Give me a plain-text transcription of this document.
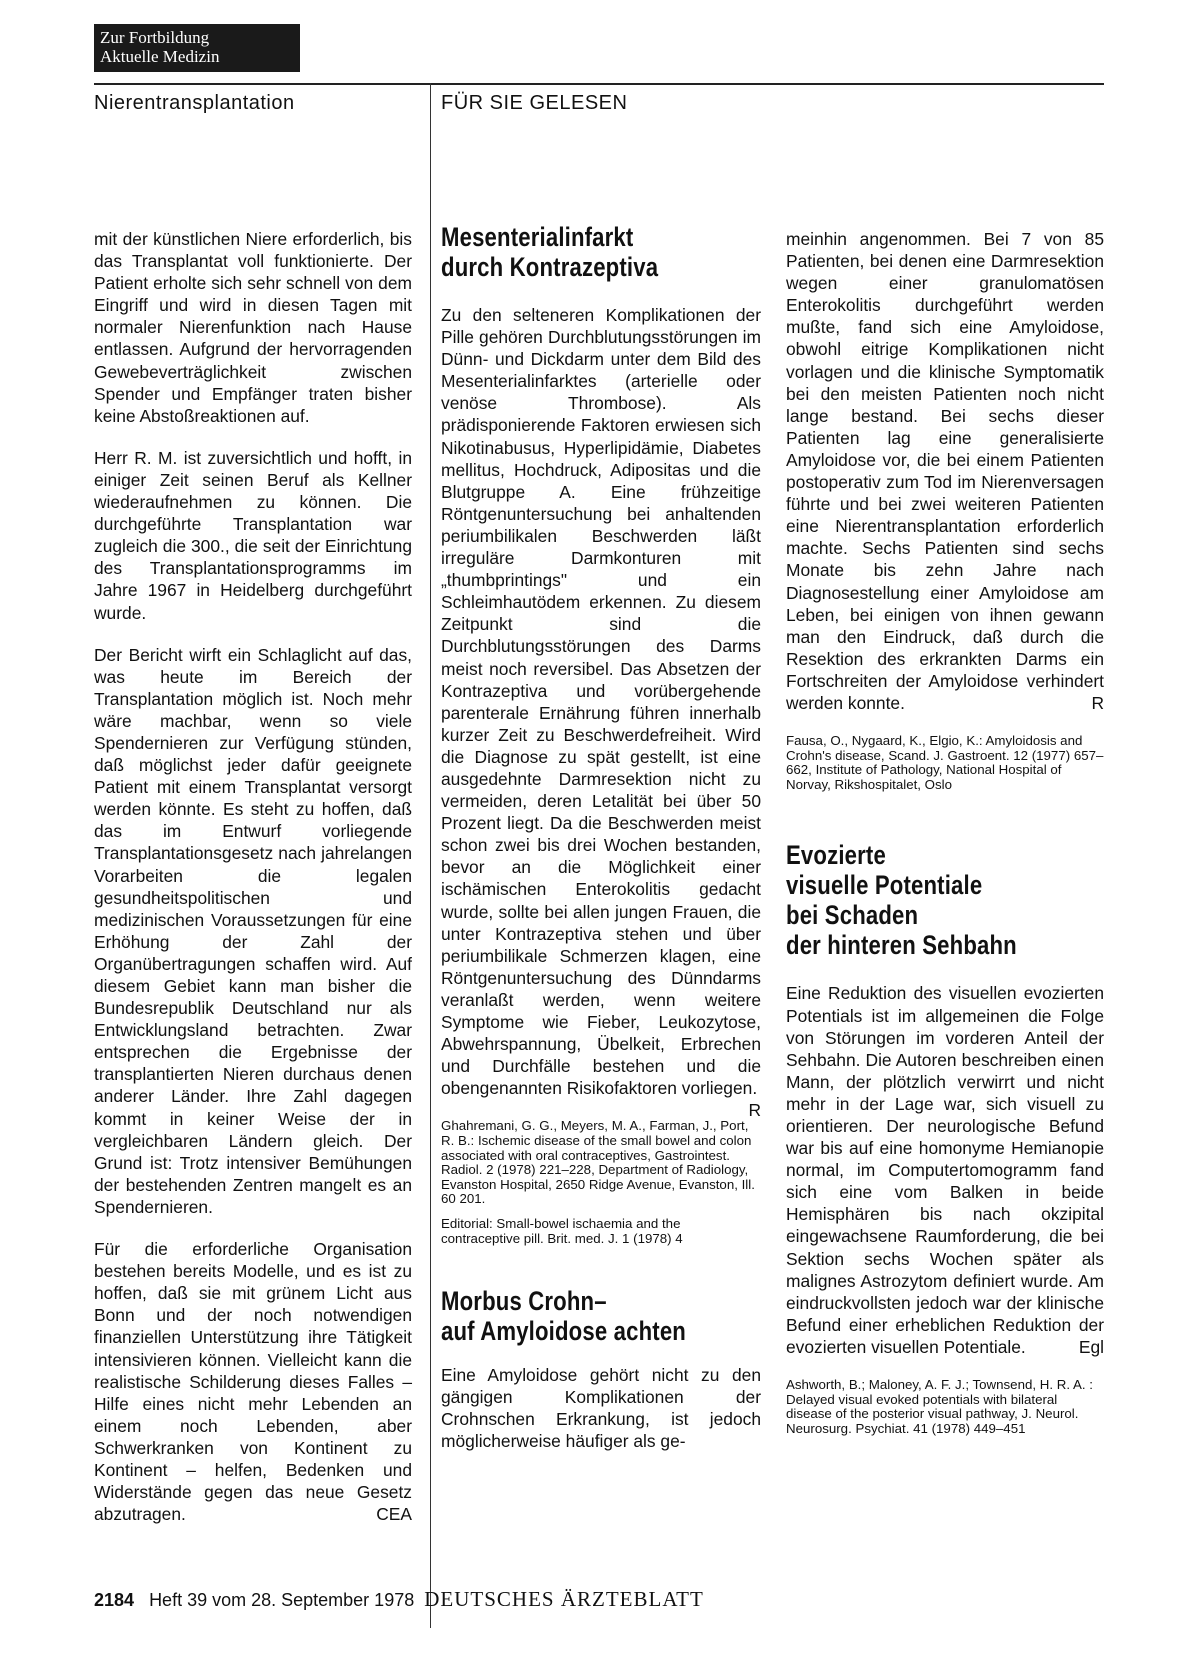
Zur Fortbildung
Aktuelle Medizin
Nierentransplantation	FÜR SIE GELESEN

mit der künstlichen Niere erforderlich, bis das Transplantat voll funktionierte. Der Patient erholte sich sehr schnell von dem Eingriff und wird in diesen Tagen mit normaler Nierenfunktion nach Hause entlassen. Aufgrund der hervorragenden Gewebeverträglichkeit zwischen Spender und Empfänger traten bisher keine Abstoßreaktionen auf.

Herr R. M. ist zuversichtlich und hofft, in einiger Zeit seinen Beruf als Kellner wiederaufnehmen zu können. Die durchgeführte Transplantation war zugleich die 300., die seit der Einrichtung des Transplantationsprogramms im Jahre 1967 in Heidelberg durchgeführt wurde.

Der Bericht wirft ein Schlaglicht auf das, was heute im Bereich der Transplantation möglich ist. Noch mehr wäre machbar, wenn so viele Spendernieren zur Verfügung stünden, daß möglichst jeder dafür geeignete Patient mit einem Transplantat versorgt werden könnte. Es steht zu hoffen, daß das im Entwurf vorliegende Transplantationsgesetz nach jahrelangen Vorarbeiten die legalen gesundheitspolitischen und medizinischen Voraussetzungen für eine Erhöhung der Zahl der Organübertragungen schaffen wird. Auf diesem Gebiet kann man bisher die Bundesrepublik Deutschland nur als Entwicklungsland betrachten. Zwar entsprechen die Ergebnisse der transplantierten Nieren durchaus denen anderer Länder. Ihre Zahl dagegen kommt in keiner Weise der in vergleichbaren Ländern gleich. Der Grund ist: Trotz intensiver Bemühungen der bestehenden Zentren mangelt es an Spendernieren.

Für die erforderliche Organisation bestehen bereits Modelle, und es ist zu hoffen, daß sie mit grünem Licht aus Bonn und der noch notwendigen finanziellen Unterstützung ihre Tätigkeit intensivieren können. Vielleicht kann die realistische Schilderung dieses Falles – Hilfe eines nicht mehr Lebenden an einem noch Lebenden, aber Schwerkranken von Kontinent zu Kontinent – helfen, Bedenken und Widerstände gegen das neue Gesetz abzutragen.	CEA

Mesenterialinfarkt
durch Kontrazeptiva

Zu den selteneren Komplikationen der Pille gehören Durchblutungsstörungen im Dünn- und Dickdarm unter dem Bild des Mesenterialinfarktes (arterielle oder venöse Thrombose). Als prädisponierende Faktoren erwiesen sich Nikotinabusus, Hyperlipidämie, Diabetes mellitus, Hochdruck, Adipositas und die Blutgruppe A. Eine frühzeitige Röntgenuntersuchung bei anhaltenden periumbilikalen Beschwerden läßt irreguläre Darmkonturen mit „thumbprintings" und ein Schleimhautödem erkennen. Zu diesem Zeitpunkt sind die Durchblutungsstörungen des Darms meist noch reversibel. Das Absetzen der Kontrazeptiva und vorübergehende parenterale Ernährung führen innerhalb kurzer Zeit zu Beschwerdefreiheit. Wird die Diagnose zu spät gestellt, ist eine ausgedehnte Darmresektion nicht zu vermeiden, deren Letalität bei über 50 Prozent liegt. Da die Beschwerden meist schon zwei bis drei Wochen bestanden, bevor an die Möglichkeit einer ischämischen Enterokolitis gedacht wurde, sollte bei allen jungen Frauen, die unter Kontrazeptiva stehen und über periumbilikale Schmerzen klagen, eine Röntgenuntersuchung des Dünndarms veranlaßt werden, wenn weitere Symptome wie Fieber, Leukozytose, Abwehrspannung, Übelkeit, Erbrechen und Durchfälle bestehen und die obengenannten Risikofaktoren vorliegen.
R

Ghahremani, G. G., Meyers, M. A., Farman, J., Port, R. B.: Ischemic disease of the small bowel and colon associated with oral contraceptives, Gastrointest. Radiol. 2 (1978) 221–228, Department of Radiology, Evanston Hospital, 2650 Ridge Avenue, Evanston, Ill. 60 201.

Editorial: Small-bowel ischaemia and the contraceptive pill. Brit. med. J. 1 (1978) 4

Morbus Crohn–
auf Amyloidose achten

Eine Amyloidose gehört nicht zu den gängigen Komplikationen der Crohnschen Erkrankung, ist jedoch möglicherweise häufiger als ge-

meinhin angenommen. Bei 7 von 85 Patienten, bei denen eine Darmresektion wegen einer granulomatösen Enterokolitis durchgeführt werden mußte, fand sich eine Amyloidose, obwohl eitrige Komplikationen nicht vorlagen und die klinische Symptomatik bei den meisten Patienten noch nicht lange bestand. Bei sechs dieser Patienten lag eine generalisierte Amyloidose vor, die bei einem Patienten postoperativ zum Tod im Nierenversagen führte und bei zwei weiteren Patienten eine Nierentransplantation erforderlich machte. Sechs Patienten sind sechs Monate bis zehn Jahre nach Diagnosestellung einer Amyloidose am Leben, bei einigen von ihnen gewann man den Eindruck, daß durch die Resektion des erkrankten Darms ein Fortschreiten der Amyloidose verhindert werden konnte.	R

Fausa, O., Nygaard, K., Elgio, K.: Amyloidosis and Crohn's disease, Scand. J. Gastroent. 12 (1977) 657–662, Institute of Pathology, National Hospital of Norvay, Rikshospitalet, Oslo

Evozierte
visuelle Potentiale
bei Schaden
der hinteren Sehbahn

Eine Reduktion des visuellen evozierten Potentials ist im allgemeinen die Folge von Störungen im vorderen Anteil der Sehbahn. Die Autoren beschreiben einen Mann, der plötzlich verwirrt und nicht mehr in der Lage war, sich visuell zu orientieren. Der neurologische Befund war bis auf eine homonyme Hemianopie normal, im Computertomogramm fand sich eine vom Balken in beide Hemisphären bis nach okzipital eingewachsene Raumforderung, die bei Sektion sechs Wochen später als malignes Astrozytom definiert wurde. Am eindruckvollsten jedoch war der klinische Befund einer erheblichen Reduktion der evozierten visuellen Potentiale.	Egl

Ashworth, B.; Maloney, A. F. J.; Townsend, H. R. A. : Delayed visual evoked potentials with bilateral disease of the posterior visual pathway, J. Neurol. Neurosurg. Psychiat. 41 (1978) 449–451

2184 Heft 39 vom 28. September 1978 DEUTSCHES ÄRZTEBLATT
